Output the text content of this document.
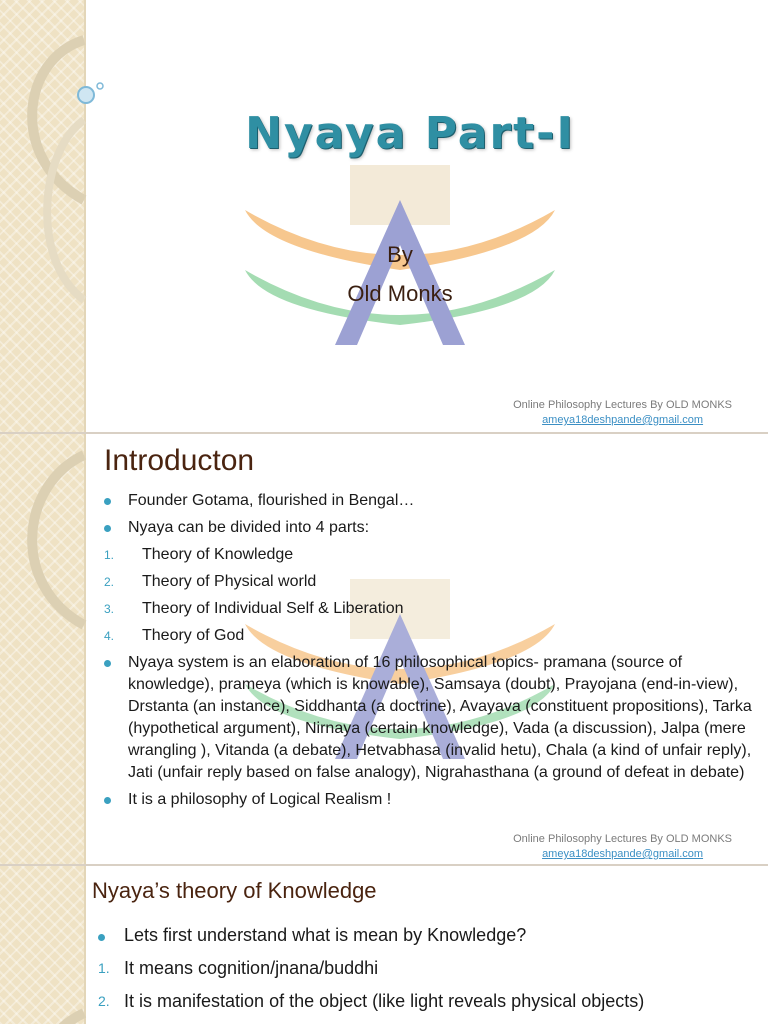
Nyaya Part-I
By
Old Monks
Online Philosophy Lectures By OLD MONKS
ameya18deshpande@gmail.com
Introducton
Founder Gotama, flourished in Bengal…
Nyaya can be divided into 4 parts:
1. Theory of Knowledge
2. Theory of Physical world
3. Theory of Individual Self & Liberation
4. Theory of God
Nyaya system is an elaboration of 16 philosophical topics- pramana (source of knowledge), prameya (which is knowable), Samsaya (doubt), Prayojana (end-in-view), Drstanta (an instance), Siddhanta (a doctrine), Avayava (constituent propositions), Tarka (hypothetical argument), Nirnaya (certain knowledge), Vada (a discussion), Jalpa (mere wrangling ), Vitanda (a debate), Hetvabhasa (invalid hetu), Chala (a kind of unfair reply), Jati (unfair reply based on false analogy), Nigrahasthana (a ground of defeat in debate)
It is a philosophy of Logical Realism !
Online Philosophy Lectures By OLD MONKS
ameya18deshpande@gmail.com
Nyaya’s theory of Knowledge
Lets first understand what is mean by Knowledge?
1. It means cognition/jnana/buddhi
2. It is manifestation of the object (like light reveals physical objects)
